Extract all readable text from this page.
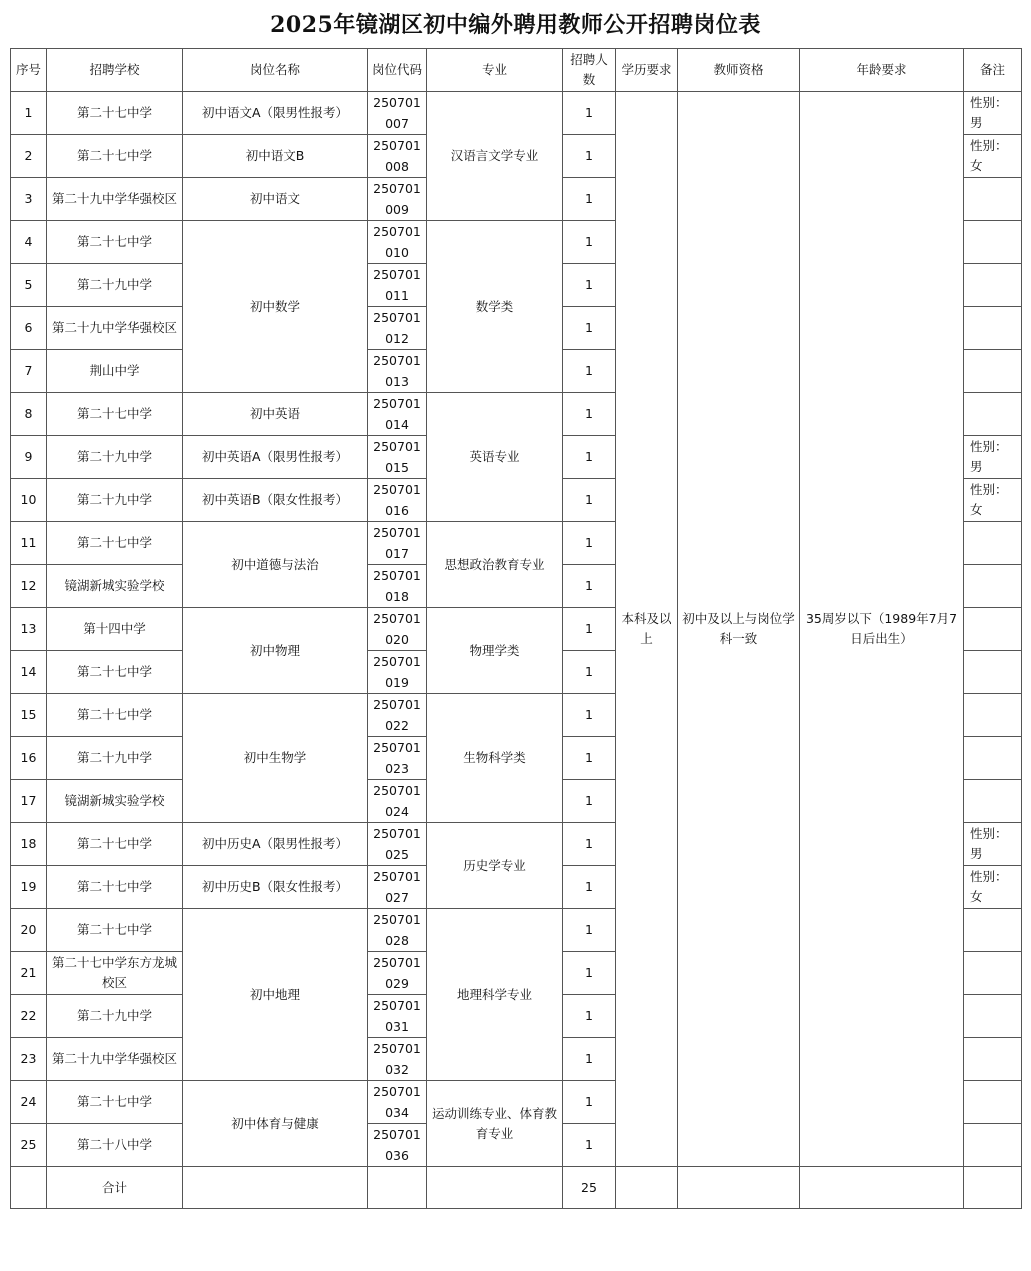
2025年镜湖区初中编外聘用教师公开招聘岗位表
序号	招聘学校	岗位名称	岗位代码	专业	招聘人数	学历要求	教师资格	年龄要求	备注
1	第二十七中学	初中语文A（限男性报考）	250701007	汉语言文学专业	1	本科及以上	初中及以上与岗位学科一致	35周岁以下（1989年7月7日后出生）	性别：男
2	第二十七中学	初中语文B	250701008		1				性别：女
3	第二十九中学华强校区	初中语文	250701009		1				
4	第二十七中学	初中数学	250701010	数学类	1				
5	第二十九中学		250701011		1				
6	第二十九中学华强校区		250701012		1				
7	荆山中学		250701013		1				
8	第二十七中学	初中英语	250701014	英语专业	1				
9	第二十九中学	初中英语A（限男性报考）	250701015		1				性别：男
10	第二十九中学	初中英语B（限女性报考）	250701016		1				性别：女
11	第二十七中学	初中道德与法治	250701017	思想政治教育专业	1				
12	镜湖新城实验学校		250701018		1				
13	第十四中学	初中物理	250701020	物理学类	1				
14	第二十七中学		250701019		1				
15	第二十七中学	初中生物学	250701022	生物科学类	1				
16	第二十九中学		250701023		1				
17	镜湖新城实验学校		250701024		1				
18	第二十七中学	初中历史A（限男性报考）	250701025	历史学专业	1				性别：男
19	第二十七中学	初中历史B（限女性报考）	250701027		1				性别：女
20	第二十七中学	初中地理	250701028	地理科学专业	1				
21	第二十七中学东方龙城校区		250701029		1				
22	第二十九中学		250701031		1				
23	第二十九中学华强校区		250701032		1				
24	第二十七中学	初中体育与健康	250701034	运动训练专业、体育教育专业	1				
25	第二十八中学		250701036		1				
	合计				25				
